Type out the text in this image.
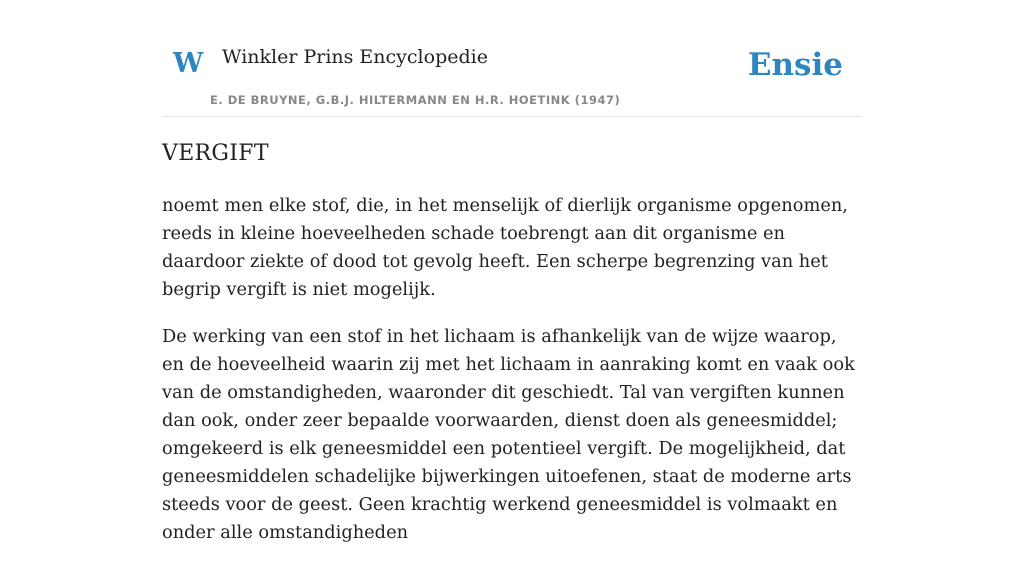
W Winkler Prins Encyclopedie
E. DE BRUYNE, G.B.J. HILTERMANN EN H.R. HOETINK (1947)
Ensie
VERGIFT

noemt men elke stof, die, in het menselijk of dierlijk organisme opgenomen, reeds in kleine hoeveelheden schade toebrengt aan dit organisme en daardoor ziekte of dood tot gevolg heeft. Een scherpe begrenzing van het begrip vergift is niet mogelijk.

De werking van een stof in het lichaam is afhankelijk van de wijze waarop, en de hoeveelheid waarin zij met het lichaam in aanraking komt en vaak ook van de omstandigheden, waaronder dit geschiedt. Tal van vergiften kunnen dan ook, onder zeer bepaalde voorwaarden, dienst doen als geneesmiddel; omgekeerd is elk geneesmiddel een potentieel vergift. De mogelijkheid, dat geneesmiddelen schadelijke bijwerkingen uitoefenen, staat de moderne arts steeds voor de geest. Geen krachtig werkend geneesmiddel is volmaakt en onder alle omstandigheden
